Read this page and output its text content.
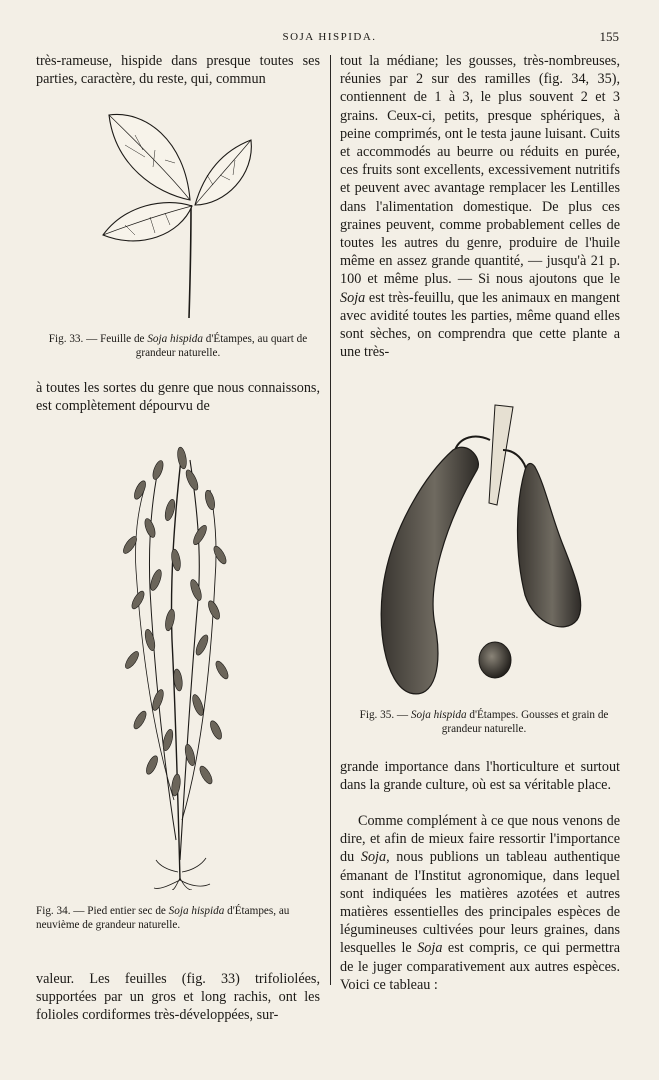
SOJA HISPIDA.	155

très-rameuse, hispide dans presque toutes ses parties, caractère, du reste, qui, commun

Fig. 33. — Feuille de Soja hispida d'Étampes, au quart de grandeur naturelle.

à toutes les sortes du genre que nous connaissons, est complètement dépourvu de

Fig. 34. — Pied entier sec de Soja hispida d'Étampes, au neuvième de grandeur naturelle.

valeur. Les feuilles (fig. 33) trifoliolées, supportées par un gros et long rachis, ont les folioles cordiformes très-développées, sur-

tout la médiane; les gousses, très-nombreuses, réunies par 2 sur des ramilles (fig. 34, 35), contiennent de 1 à 3, le plus souvent 2 et 3 grains. Ceux-ci, petits, presque sphériques, à peine comprimés, ont le testa jaune luisant. Cuits et accommodés au beurre ou réduits en purée, ces fruits sont excellents, excessivement nutritifs et peuvent avec avantage remplacer les Lentilles dans l'alimentation domestique. De plus ces graines peuvent, comme probablement celles de toutes les autres du genre, produire de l'huile même en assez grande quantité, — jusqu'à 21 p. 100 et même plus. — Si nous ajoutons que le Soja est très-feuillu, que les animaux en mangent avec avidité toutes les parties, même quand elles sont sèches, on comprendra que cette plante a une très-

Fig. 35. — Soja hispida d'Étampes. Gousses et grain de grandeur naturelle.

grande importance dans l'horticulture et surtout dans la grande culture, où est sa véritable place.

Comme complément à ce que nous venons de dire, et afin de mieux faire ressortir l'importance du Soja, nous publions un tableau authentique émanant de l'Institut agronomique, dans lequel sont indiquées les matières azotées et autres matières essentielles des principales espèces de légumineuses cultivées pour leurs graines, dans lesquelles le Soja est compris, ce qui permettra de le juger comparativement aux autres espèces. Voici ce tableau :
